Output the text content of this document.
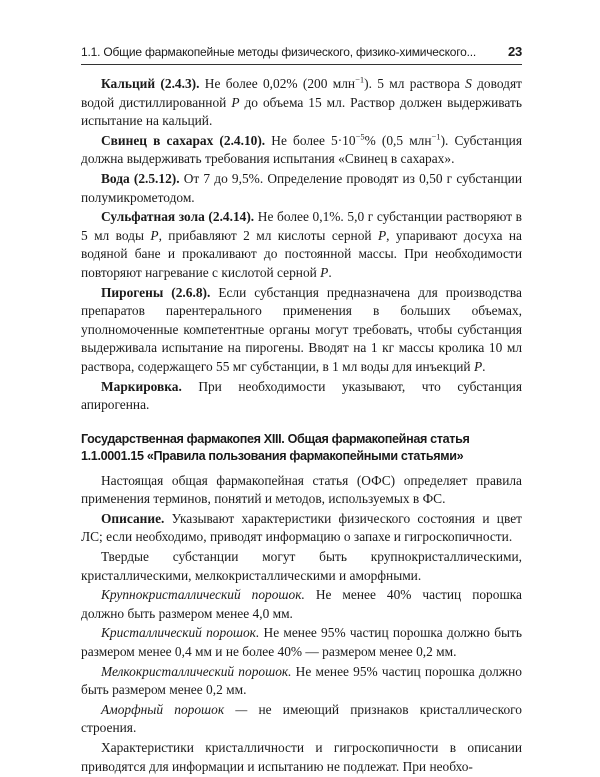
1.1. Общие фармакопейные методы физического, физико-химического... 23

Кальций (2.4.3). Не более 0,02% (200 млн$^{-1}$). 5 мл раствора S доводят водой дистиллированной P до объема 15 мл. Раствор должен выдерживать испытание на кальций.

Свинец в сахарах (2.4.10). Не более $5\cdot 10^{-5}\%$ (0,5 млн$^{-1}$). Субстанция должна выдерживать требования испытания «Свинец в сахарах».

Вода (2.5.12). От 7 до 9,5%. Определение проводят из 0,50 г субстанции полумикрометодом.

Сульфатная зола (2.4.14). Не более 0,1%. 5,0 г субстанции растворяют в 5 мл воды P, прибавляют 2 мл кислоты серной P, упаривают досуха на водяной бане и прокаливают до постоянной массы. При необходимости повторяют нагревание с кислотой серной P.

Пирогены (2.6.8). Если субстанция предназначена для производства препаратов парентерального применения в больших объемах, уполномоченные компетентные органы могут требовать, чтобы субстанция выдерживала испытание на пирогены. Вводят на 1 кг массы кролика 10 мл раствора, содержащего 55 мг субстанции, в 1 мл воды для инъекций P.

Маркировка. При необходимости указывают, что субстанция апирогенна.

Государственная фармакопея XIII. Общая фармакопейная статья 1.1.0001.15 «Правила пользования фармакопейными статьями»

Настоящая общая фармакопейная статья (ОФС) определяет правила применения терминов, понятий и методов, используемых в ФС.

Описание. Указывают характеристики физического состояния и цвет ЛС; если необходимо, приводят информацию о запахе и гигроскопичности.

Твердые субстанции могут быть крупнокристаллическими, кристаллическими, мелкокристаллическими и аморфными.

Крупнокристаллический порошок. Не менее 40% частиц порошка должно быть размером менее 4,0 мм.

Кристаллический порошок. Не менее 95% частиц порошка должно быть размером менее 0,4 мм и не более 40% — размером менее 0,2 мм.

Мелкокристаллический порошок. Не менее 95% частиц порошка должно быть размером менее 0,2 мм.

Аморфный порошок — не имеющий признаков кристаллического строения.

Характеристики кристалличности и гигроскопичности в описании приводятся для информации и испытанию не подлежат. При необхо-
